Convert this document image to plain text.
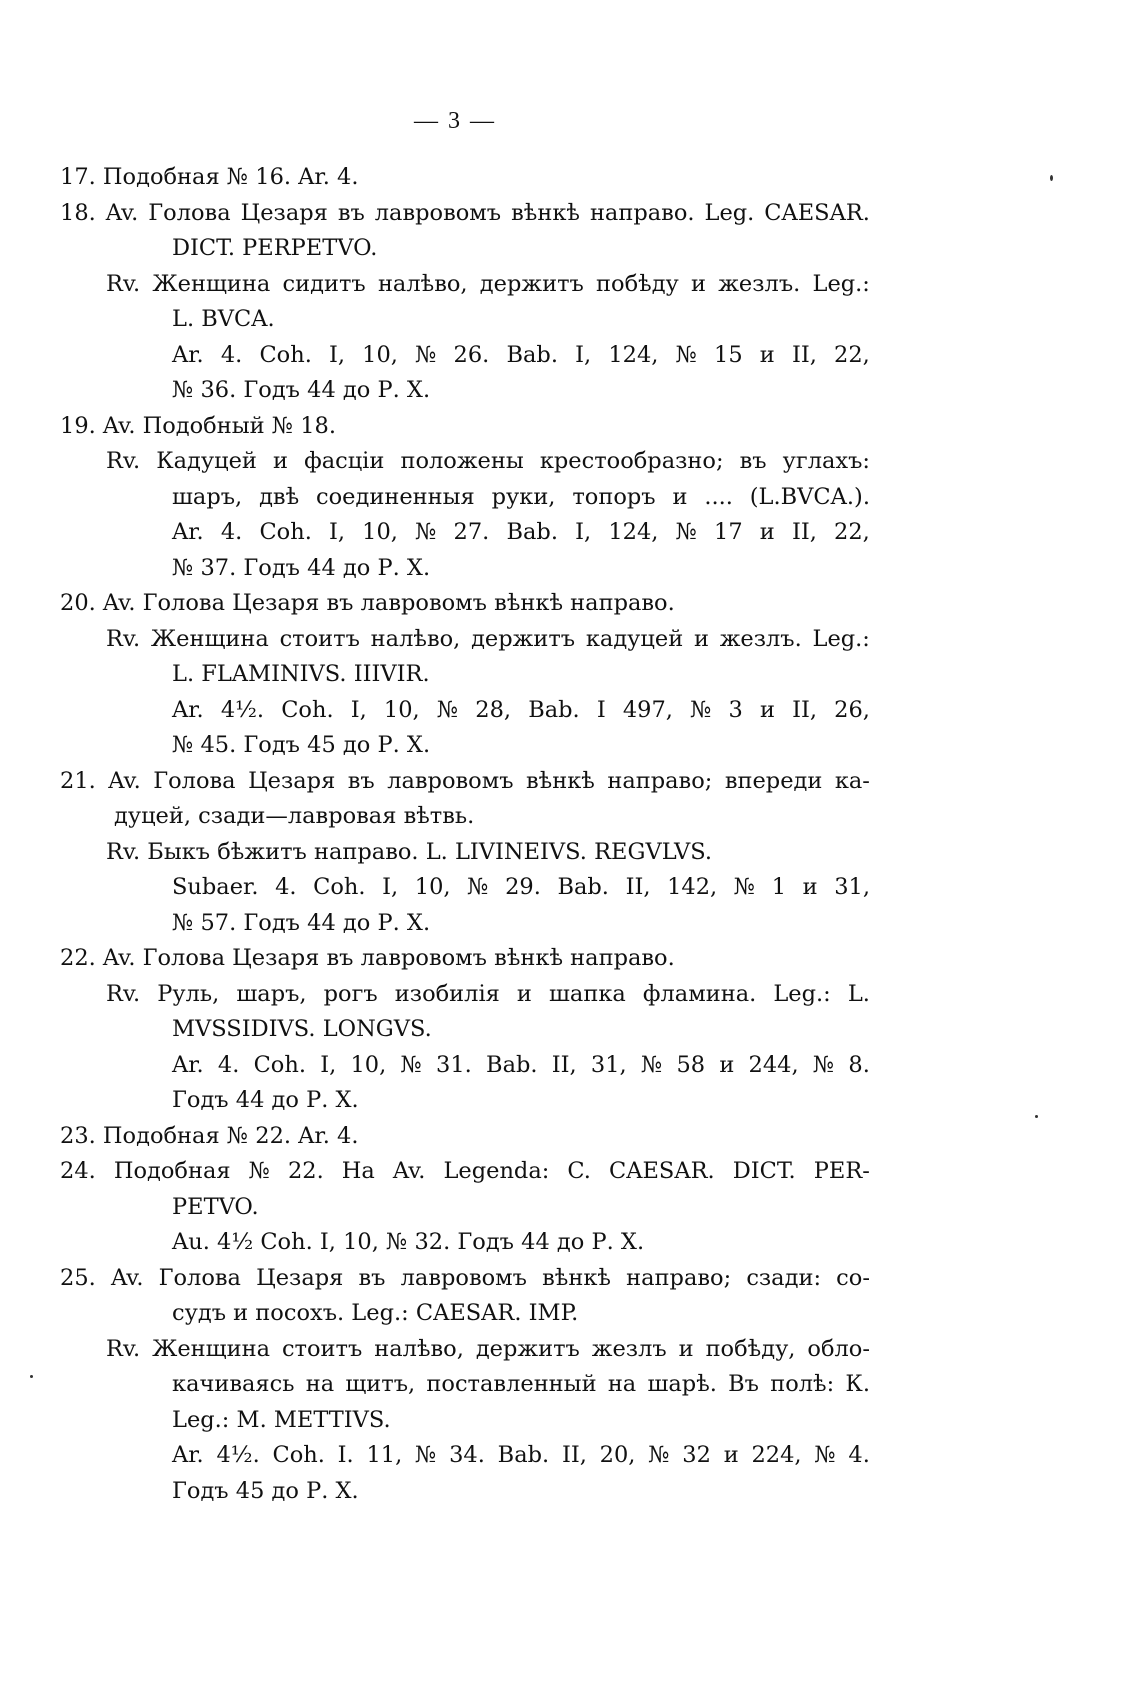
— 3 —
17. Подобная № 16. Ar. 4.
18. Av. Голова Цезаря въ лавровомъ вѣнкѣ направо. Leg. CAESAR.
DICT. PERPETVO.
Rv. Женщина сидитъ налѣво, держитъ побѣду и жезлъ. Leg.:
L. BVCA.
Ar. 4. Coh. I, 10, № 26. Bab. I, 124, № 15 и II, 22,
№ 36. Годъ 44 до Р. Х.
19. Av. Подобный № 18.
Rv. Кадуцей и фасціи положены крестообразно; въ углахъ:
шаръ, двѣ соединенныя руки, топоръ и .... (L.BVCA.).
Ar. 4. Coh. I, 10, № 27. Bab. I, 124, № 17 и II, 22,
№ 37. Годъ 44 до Р. Х.
20. Av. Голова Цезаря въ лавровомъ вѣнкѣ направо.
Rv. Женщина стоитъ налѣво, держитъ кадуцей и жезлъ. Leg.:
L. FLAMINIVS. IIIVIR.
Ar. 4½. Coh. I, 10, № 28, Bab. I 497, № 3 и II, 26,
№ 45. Годъ 45 до Р. Х.
21. Av. Голова Цезаря въ лавровомъ вѣнкѣ направо; впереди ка-
дуцей, сзади—лавровая вѣтвь.
Rv. Быкъ бѣжитъ направо. L. LIVINEIVS. REGVLVS.
Subaer. 4. Coh. I, 10, № 29. Bab. II, 142, № 1 и 31,
№ 57. Годъ 44 до Р. Х.
22. Av. Голова Цезаря въ лавровомъ вѣнкѣ направо.
Rv. Руль, шаръ, рогъ изобилія и шапка фламина. Leg.: L.
MVSSIDIVS. LONGVS.
Ar. 4. Coh. I, 10, № 31. Bab. II, 31, № 58 и 244, № 8.
Годъ 44 до Р. Х.
23. Подобная № 22. Ar. 4.
24. Подобная № 22. На Av. Legenda: C. CAESAR. DICT. PER-
PETVO.
Au. 4½ Coh. I, 10, № 32. Годъ 44 до Р. Х.
25. Av. Голова Цезаря въ лавровомъ вѣнкѣ направо; сзади: со-
судъ и посохъ. Leg.: CAESAR. IMP.
Rv. Женщина стоитъ налѣво, держитъ жезлъ и побѣду, обло-
качиваясь на щитъ, поставленный на шарѣ. Въ полѣ: К.
Leg.: M. METTIVS.
Ar. 4½. Coh. I. 11, № 34. Bab. II, 20, № 32 и 224, № 4.
Годъ 45 до Р. Х.
